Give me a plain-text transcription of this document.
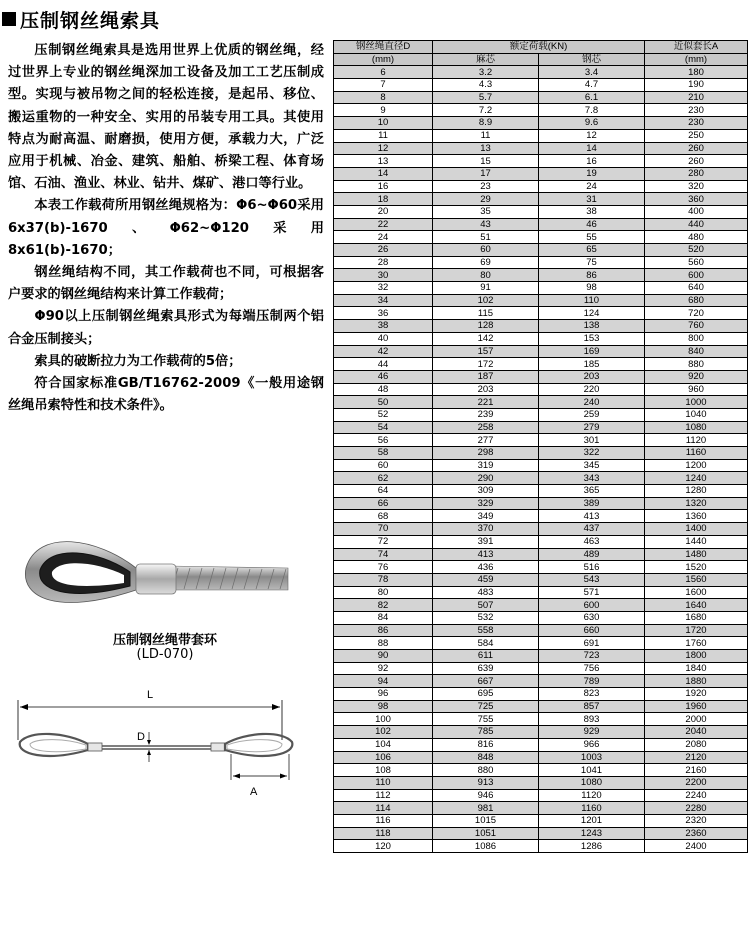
压制钢丝绳索具

压制钢丝绳索具是选用世界上优质的钢丝绳，经过世界上专业的钢丝绳深加工设备及加工工艺压制成型。实现与被吊物之间的轻松连接，是起吊、移位、搬运重物的一种安全、实用的吊装专用工具。其使用特点为耐高温、耐磨损，使用方便，承载力大，广泛应用于机械、冶金、建筑、船舶、桥梁工程、体育场馆、石油、渔业、林业、钻井、煤矿、港口等行业。

本表工作载荷所用钢丝绳规格为：Φ6~Φ60采用6x37(b)-1670、Φ62~Φ120采用8x61(b)-1670；

钢丝绳结构不同，其工作载荷也不同，可根据客户要求的钢丝绳结构来计算工作载荷；

Φ90以上压制钢丝绳索具形式为每端压制两个铝合金压制接头；

索具的破断拉力为工作载荷的5倍；

符合国家标准GB/T16762-2009《一般用途钢丝绳吊索特性和技术条件》。

压制钢丝绳带套环
(LD-070)
L
D
A
钢丝绳直径D	额定荷载(KN)		近似套长A
(mm)	麻芯	钢芯	(mm)
6	3.2	3.4	180
7	4.3	4.7	190
8	5.7	6.1	210
9	7.2	7.8	230
10	8.9	9.6	230
11	11	12	250
12	13	14	260
13	15	16	260
14	17	19	280
16	23	24	320
18	29	31	360
20	35	38	400
22	43	46	440
24	51	55	480
26	60	65	520
28	69	75	560
30	80	86	600
32	91	98	640
34	102	110	680
36	115	124	720
38	128	138	760
40	142	153	800
42	157	169	840
44	172	185	880
46	187	203	920
48	203	220	960
50	221	240	1000
52	239	259	1040
54	258	279	1080
56	277	301	1120
58	298	322	1160
60	319	345	1200
62	290	343	1240
64	309	365	1280
66	329	389	1320
68	349	413	1360
70	370	437	1400
72	391	463	1440
74	413	489	1480
76	436	516	1520
78	459	543	1560
80	483	571	1600
82	507	600	1640
84	532	630	1680
86	558	660	1720
88	584	691	1760
90	611	723	1800
92	639	756	1840
94	667	789	1880
96	695	823	1920
98	725	857	1960
100	755	893	2000
102	785	929	2040
104	816	966	2080
106	848	1003	2120
108	880	1041	2160
110	913	1080	2200
112	946	1120	2240
114	981	1160	2280
116	1015	1201	2320
118	1051	1243	2360
120	1086	1286	2400
